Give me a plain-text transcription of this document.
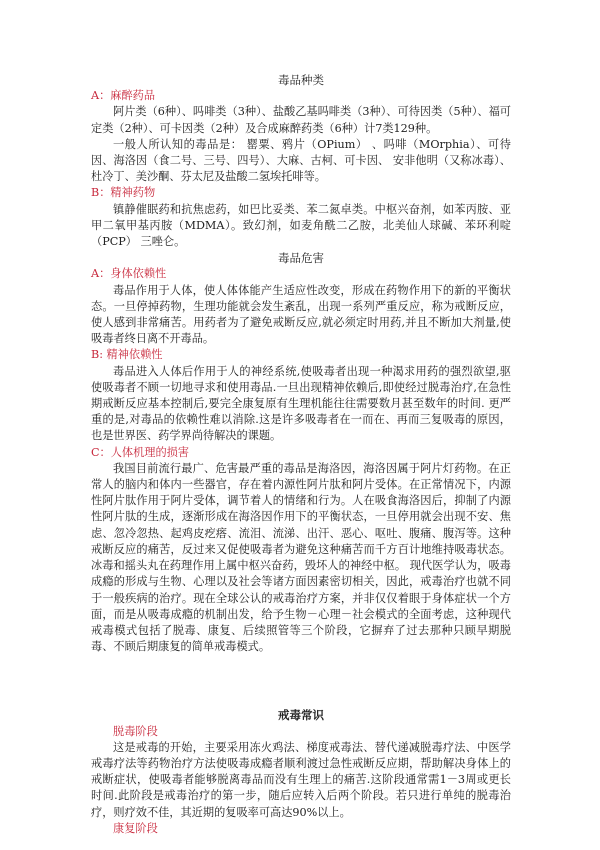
毒品种类
A：麻醉药品

阿片类（6种）、吗啡类（3种）、盐酸乙基吗啡类（3种）、可待因类（5种）、福可定类（2种）、可卡因类（2种）及合成麻醉药类（6种）计7类129种。

一般人所认知的毒品是： 罂粟、鸦片（OPium） 、吗啡（MOrphia）、可待因、海洛因（食二号、三号、四号）、大麻、古柯、可卡因、 安非他明（又称冰毒）、杜冷丁、美沙酮、芬太尼及盐酸二氢埃托啡等。

B：精神药物

镇静催眠药和抗焦虑药，如巴比妥类、苯二氮卓类。中枢兴奋剂，如苯丙胺、亚甲二氧甲基丙胺（MDMA）。致幻剂，如麦角酰二乙胺，北美仙人球碱、苯环利啶（PCP） 三唑仑。

毒品危害
A：身体依赖性

毒品作用于人体，使人体体能产生适应性改变，形成在药物作用下的新的平衡状态。一旦停掉药物，生理功能就会发生紊乱，出现一系列严重反应，称为戒断反应，使人感到非常痛苦。用药者为了避免戒断反应,就必须定时用药,并且不断加大剂量,使吸毒者终日离不开毒品。

B: 精神依赖性

毒品进入人体后作用于人的神经系统,使吸毒者出现一种渴求用药的强烈欲望,驱使吸毒者不顾一切地寻求和使用毒品.一旦出现精神依赖后,即使经过脱毒治疗,在急性期戒断反应基本控制后,要完全康复原有生理机能往往需要数月甚至数年的时间. 更严重的是,对毒品的依赖性难以消除.这是许多吸毒者在一而在、再而三复吸毒的原因，也是世界医、药学界尚待解决的课题。

C：人体机理的损害

我国目前流行最广、危害最严重的毒品是海洛因，海洛因属于阿片灯药物。在正常人的脑内和体内一些器官，存在着内源性阿片肽和阿片受体。在正常情况下，内源性阿片肽作用于阿片受体，调节着人的情绪和行为。人在吸食海洛因后，抑制了内源性阿片肽的生成，逐渐形成在海洛因作用下的平衡状态，一旦停用就会出现不安、焦虑、忽冷忽热、起鸡皮疙瘩、流泪、流涕、出汗、恶心、呕吐、腹痛、腹泻等。这种戒断反应的痛苦，反过来又促使吸毒者为避免这种痛苦而千方百计地维持吸毒状态。冰毒和摇头丸在药理作用上属中枢兴奋药，毁坏人的神经中枢。 现代医学认为，吸毒成瘾的形成与生物、心理以及社会等诸方面因素密切相关，因此，戒毒治疗也就不同于一般疾病的治疗。现在全球公认的戒毒治疗方案，并非仅仅着眼于身体症状一个方面，而是从吸毒成瘾的机制出发，给予生物－心理－社会模式的全面考虑，这种现代戒毒模式包括了脱毒、康复、后续照管等三个阶段，它摒弃了过去那种只顾早期脱毒、不顾后期康复的简单戒毒模式。

戒毒常识
脱毒阶段

这是戒毒的开始，主要采用冻火鸡法、梯度戒毒法、替代递减脱毒疗法、中医学戒毒疗法等药物治疗方法使吸毒成瘾者顺利渡过急性戒断反应期，帮助解决身体上的戒断症状，使吸毒者能够脱离毒品而没有生理上的痛苦.这阶段通常需1－3周或更长时间.此阶段是戒毒治疗的第一步，随后应转入后两个阶段。若只进行单纯的脱毒治疗，则疗效不佳，其近期的复吸率可高达90%以上。

康复阶段
